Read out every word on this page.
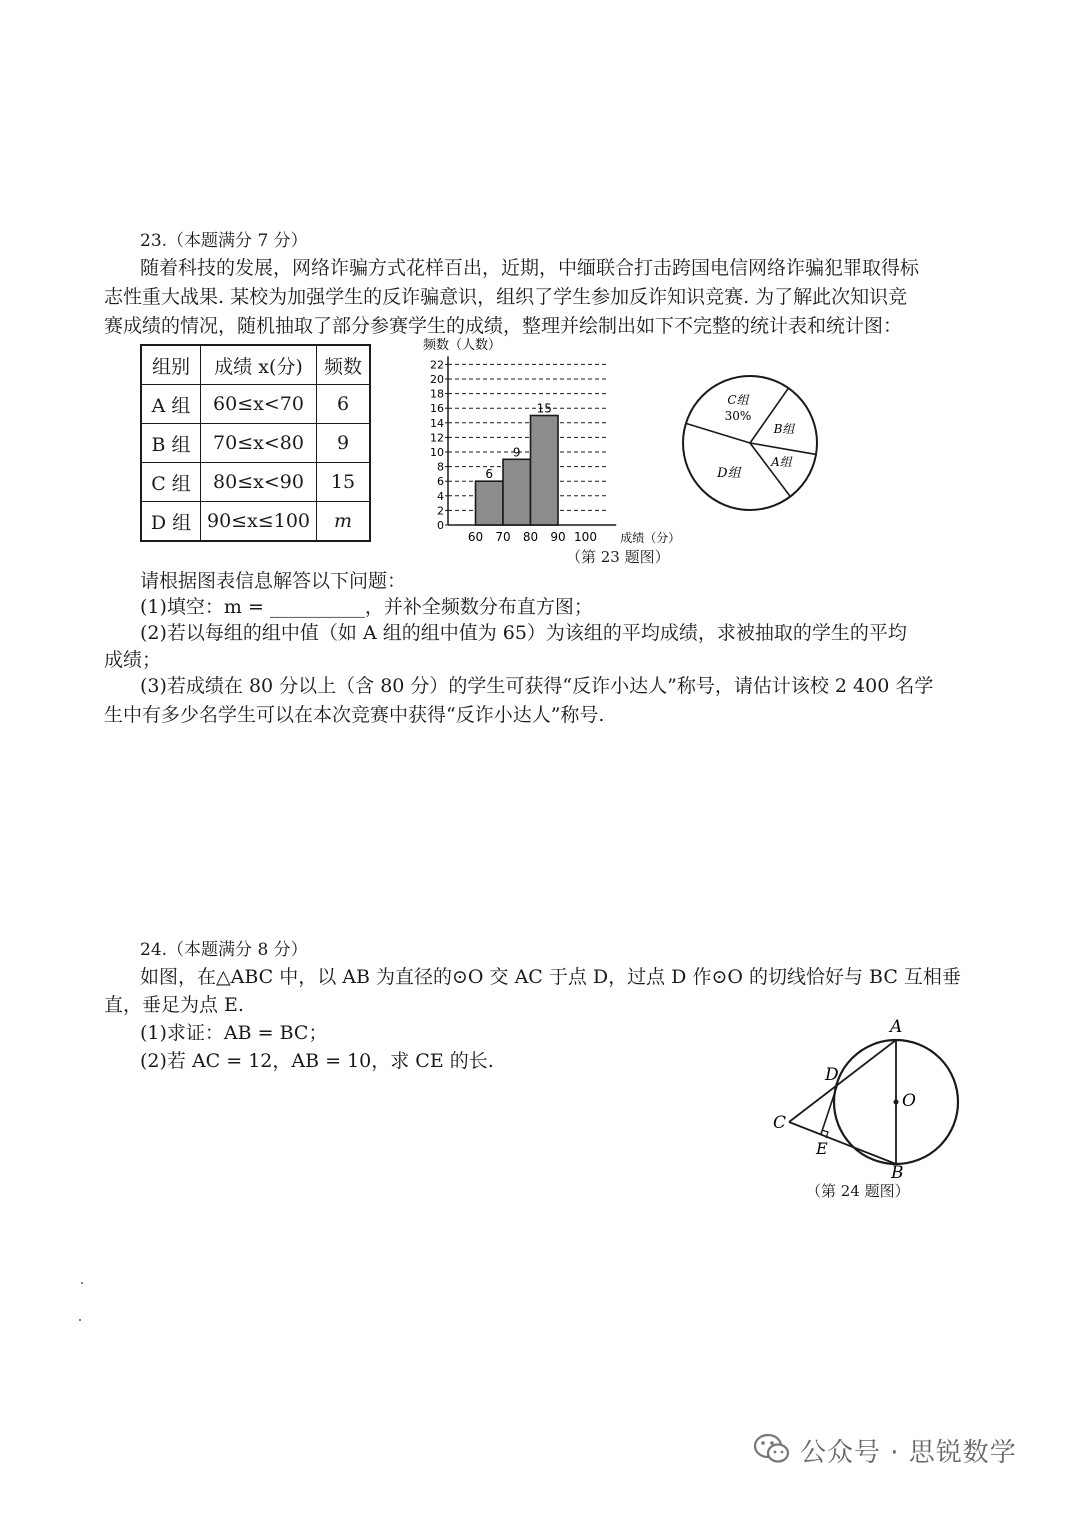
23.（本题满分 7 分）
随着科技的发展，网络诈骗方式花样百出，近期，中缅联合打击跨国电信网络诈骗犯罪取得标
志性重大战果. 某校为加强学生的反诈骗意识，组织了学生参加反诈知识竞赛. 为了解此次知识竞
赛成绩的情况，随机抽取了部分参赛学生的成绩，整理并绘制出如下不完整的统计表和统计图：
组别	成绩 x(分)	频数
A 组	60≤x<70	6
B 组	70≤x<80	9
C 组	80≤x<90	15
D 组	90≤x≤100	m
频数（人数）
0
2
4
6
8
10
12
14
16
18
20
22
60 70 80 90 100 成绩（分）
6
9
15
C组
30%
B组
A组
D组
（第 23 题图）
请根据图表信息解答以下问题：
(1)填空：m = __________，并补全频数分布直方图；
(2)若以每组的组中值（如 A 组的组中值为 65）为该组的平均成绩，求被抽取的学生的平均
成绩；
(3)若成绩在 80 分以上（含 80 分）的学生可获得“反诈小达人”称号，请估计该校 2 400 名学
生中有多少名学生可以在本次竞赛中获得“反诈小达人”称号.
24.（本题满分 8 分）
如图，在△ABC 中，以 AB 为直径的⊙O 交 AC 于点 D，过点 D 作⊙O 的切线恰好与 BC 互相垂
直，垂足为点 E.
(1)求证：AB = BC；
(2)若 AC = 12，AB = 10，求 CE 的长.
A
B
C
D
E
O
（第 24 题图）
公众号 · 思锐数学
